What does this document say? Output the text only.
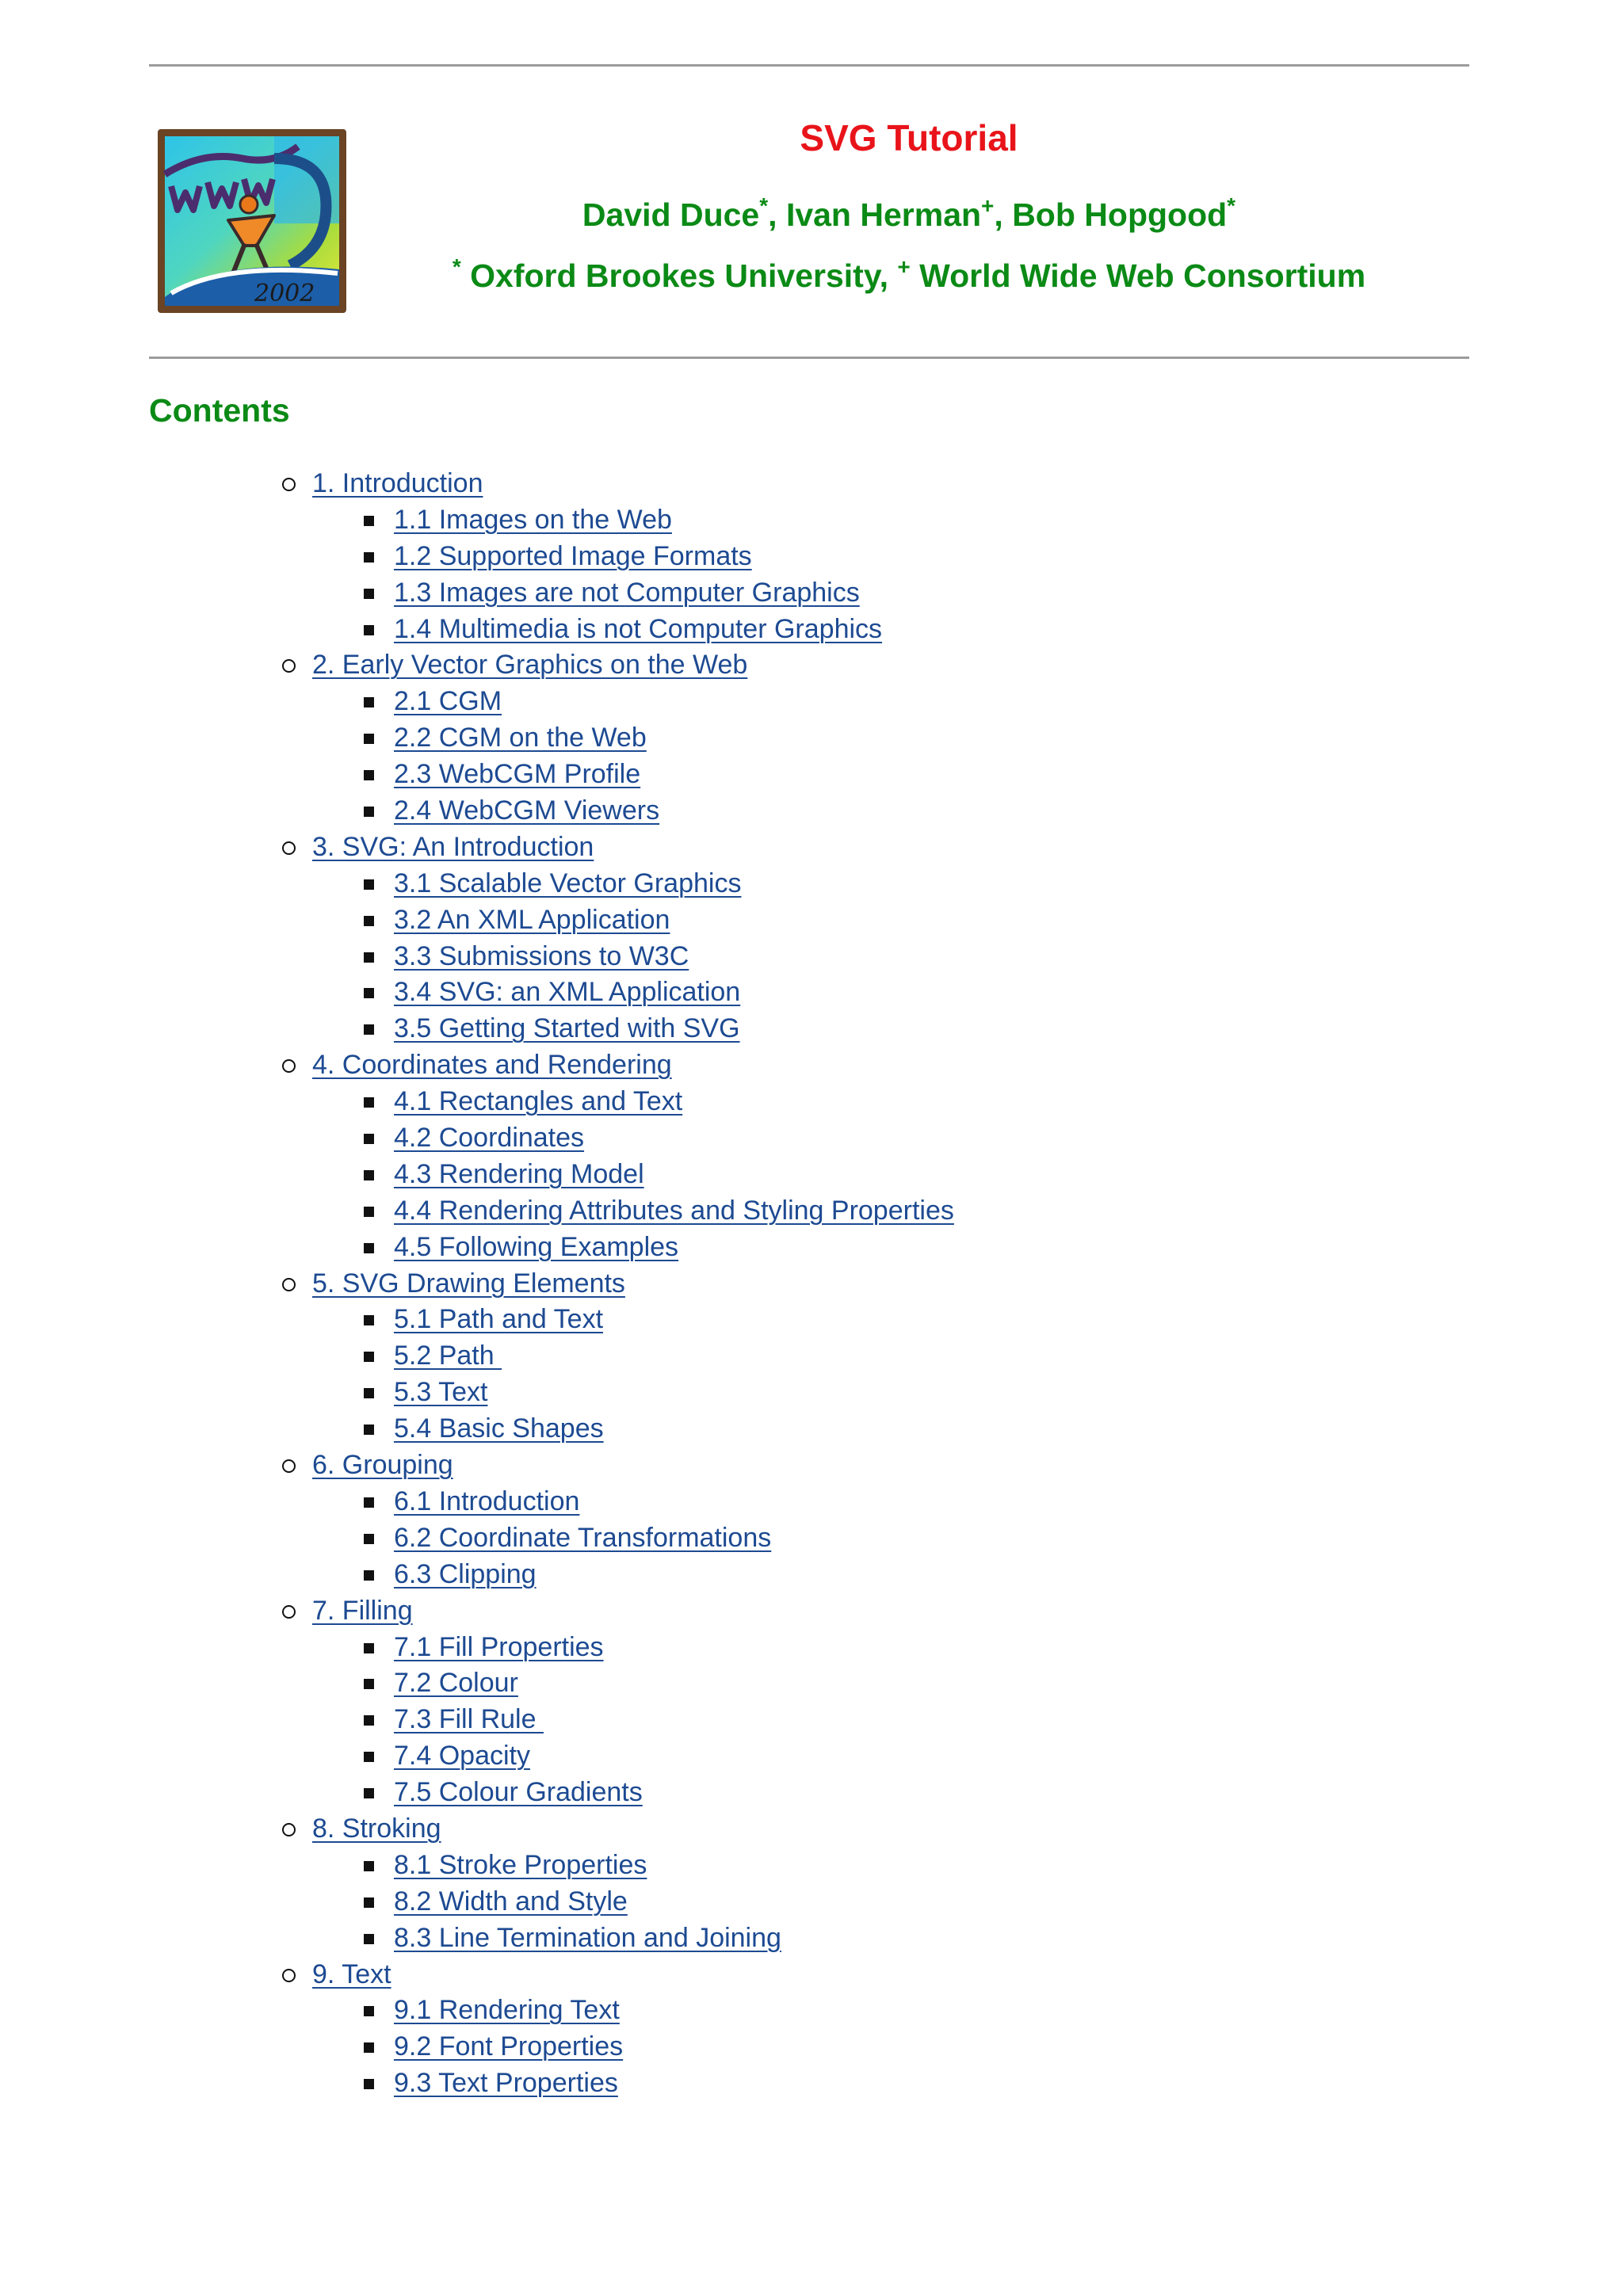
2002
SVG Tutorial
David Duce*, Ivan Herman+, Bob Hopgood*
* Oxford Brookes University, + World Wide Web Consortium
Contents
1. Introduction
1.1 Images on the Web
1.2 Supported Image Formats
1.3 Images are not Computer Graphics
1.4 Multimedia is not Computer Graphics
2. Early Vector Graphics on the Web
2.1 CGM
2.2 CGM on the Web
2.3 WebCGM Profile
2.4 WebCGM Viewers
3. SVG: An Introduction
3.1 Scalable Vector Graphics
3.2 An XML Application
3.3 Submissions to W3C
3.4 SVG: an XML Application
3.5 Getting Started with SVG
4. Coordinates and Rendering
4.1 Rectangles and Text
4.2 Coordinates
4.3 Rendering Model
4.4 Rendering Attributes and Styling Properties
4.5 Following Examples
5. SVG Drawing Elements
5.1 Path and Text
5.2 Path
5.3 Text
5.4 Basic Shapes
6. Grouping
6.1 Introduction
6.2 Coordinate Transformations
6.3 Clipping
7. Filling
7.1 Fill Properties
7.2 Colour
7.3 Fill Rule
7.4 Opacity
7.5 Colour Gradients
8. Stroking
8.1 Stroke Properties
8.2 Width and Style
8.3 Line Termination and Joining
9. Text
9.1 Rendering Text
9.2 Font Properties
9.3 Text Properties
